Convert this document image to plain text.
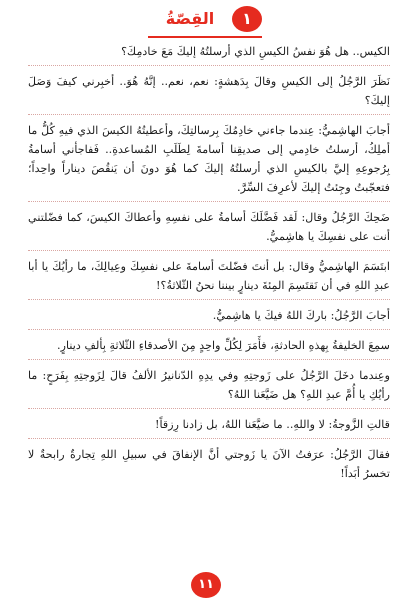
القِصّةُ	١

الكيس.. هل هُوَ نفسُ الكيسِ الذي أرسلتُهُ إليكَ مَعَ خادمِكَ؟

نَظَرَ الرَّجُلُ إلى الكيسِ وقالَ بِدَهشةٍ: نعم، نعم.. إنَّهُ هُوَ.. أخبِرني كيفَ وَصَلَ إليكَ؟

أجابَ الهاشِميُّ: عِندما جاءني خادِمُكَ بِرسالتِكَ، وأعطيتُهُ الكيسَ الذي فيهِ كُلُّ ما أملِكُ، أرسلتُ خادِمي إلى صديقِنا أسامةَ لِطَلَبِ المُساعدةِ.. فَفاجأني أسامةُ بِرُجوعِهِ إليَّ بالكيسِ الذي أرسلتُهُ إليكَ كما هُوَ دونَ أن يَنقُصَ ديناراً واحِداً؛ فتعجّبتُ وجِئتُ إليكَ لأعرِفَ السِّرَّ.

ضَحِكَ الرَّجُلُ وقال: لَقد فَضَّلَكَ أسامةُ على نفسِهِ وأعطاكَ الكيسَ، كما فضّلتني أنت على نفسِكَ يا هاشِميُّ.

ابتَسَمَ الهاشِميُّ وقال: بل أنتَ فضّلتَ أسامةَ على نفسِكَ وعِيالِكَ، ما رأيُكَ يا أبا عبدِ اللهِ في أن نَقتَسِمَ المِئةَ دينارٍ بيننا نحنُ الثّلاثةُ؟!

أجابَ الرَّجُلُ: باركَ اللهُ فيكَ يا هاشِميُّ.

سمِعَ الخليفةُ بِهذهِ الحادثةِ، فأَمَرَ لِكُلِّ واحِدٍ مِنَ الأصدقاءِ الثّلاثةِ بِألفِ دينارٍ.

وعِندما دخَلَ الرَّجُلُ على زَوجتِهِ وفي يدِهِ الدّنانيرُ الألفُ قالَ لِزَوجتِهِ بِفَرَحٍ: ما رأيُكِ يا أُمَّ عبدِ اللهِ؟ هل ضَيَّعَنا اللهُ؟

قالتِ الزَّوجةُ: لا واللهِ.. ما ضيَّعَنا اللهُ، بل زادنا رِزقاً!

فقالَ الرَّجُلُ: عرَفتُ الآنَ يا زَوجتي أنَّ الإنفاقَ في سبيلِ اللهِ تِجارةٌ رابحةٌ لا تخسرُ أبَداً!

١١
